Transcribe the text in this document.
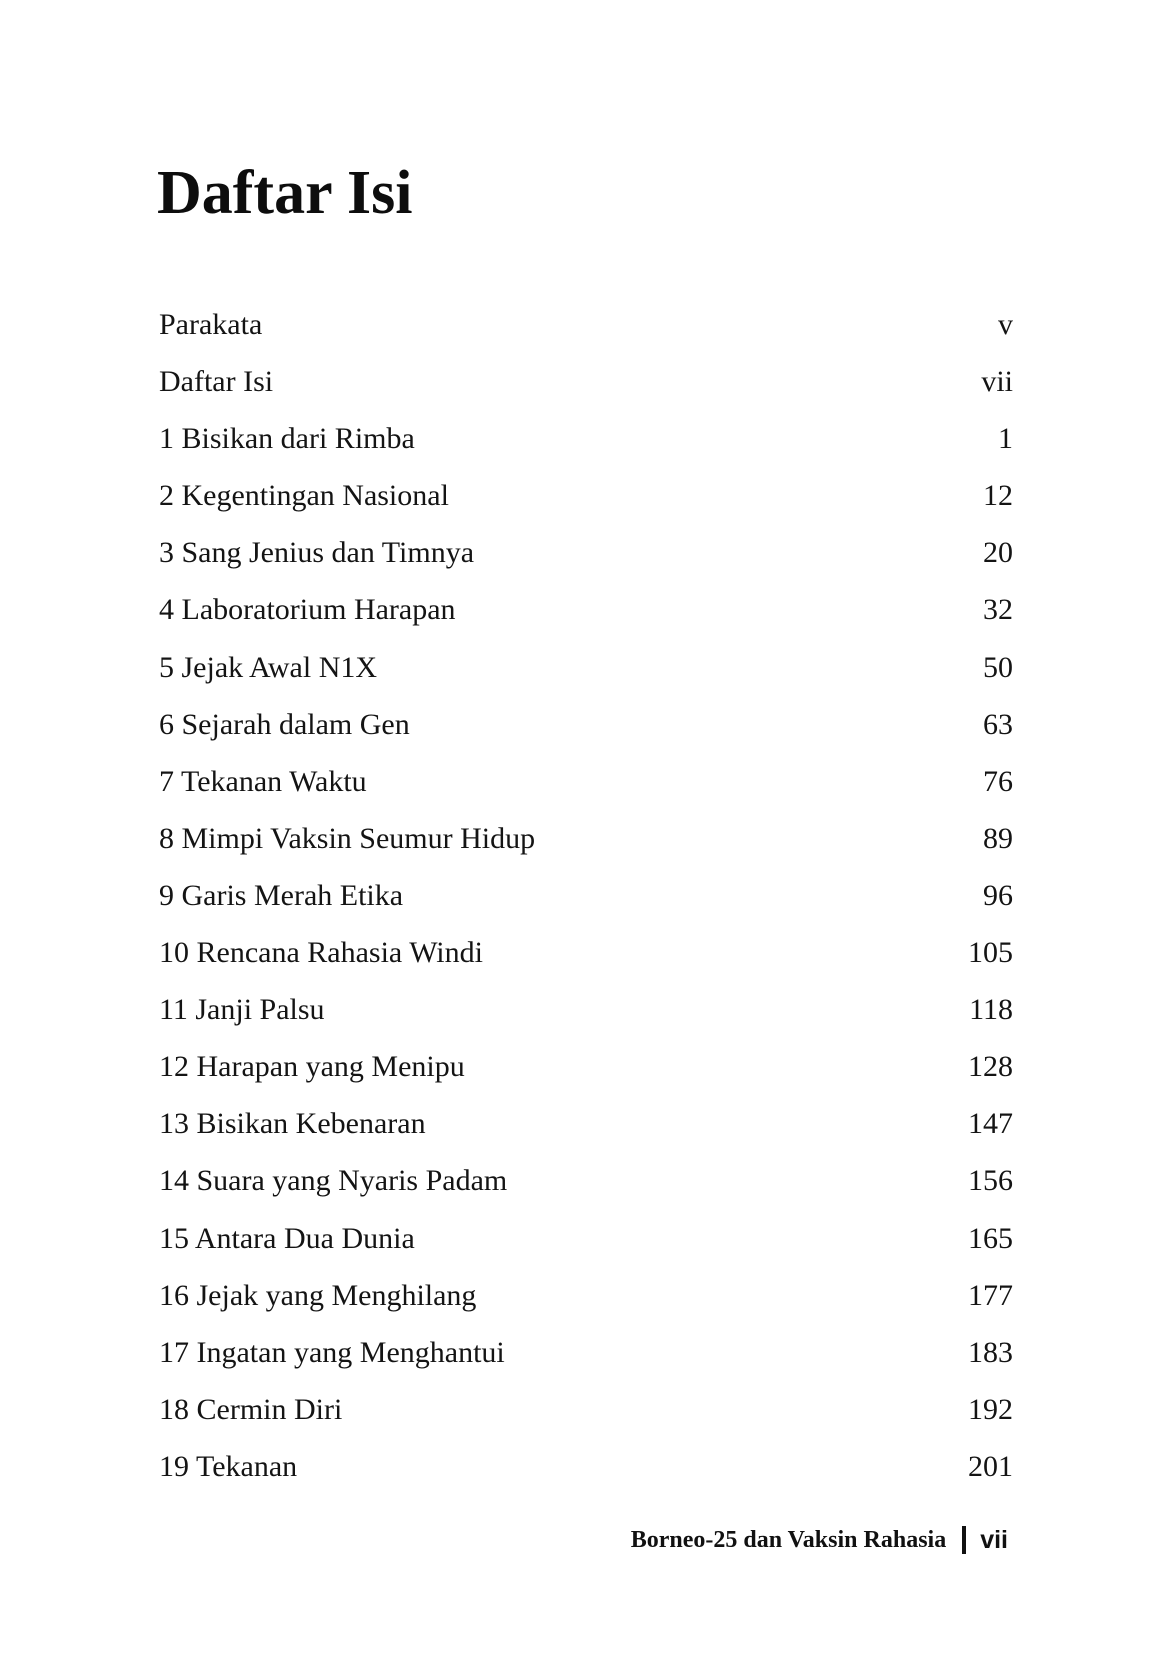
Daftar Isi
Parakata	v
Daftar Isi	vii
1 Bisikan dari Rimba	1
2 Kegentingan Nasional	12
3 Sang Jenius dan Timnya	20
4 Laboratorium Harapan	32
5 Jejak Awal N1X	50
6 Sejarah dalam Gen	63
7 Tekanan Waktu	76
8 Mimpi Vaksin Seumur Hidup	89
9 Garis Merah Etika	96
10 Rencana Rahasia Windi	105
11 Janji Palsu	118
12 Harapan yang Menipu	128
13 Bisikan Kebenaran	147
14 Suara yang Nyaris Padam	156
15 Antara Dua Dunia	165
16 Jejak yang Menghilang	177
17 Ingatan yang Menghantui	183
18 Cermin Diri	192
19 Tekanan	201
Borneo-25 dan Vaksin Rahasia vii
